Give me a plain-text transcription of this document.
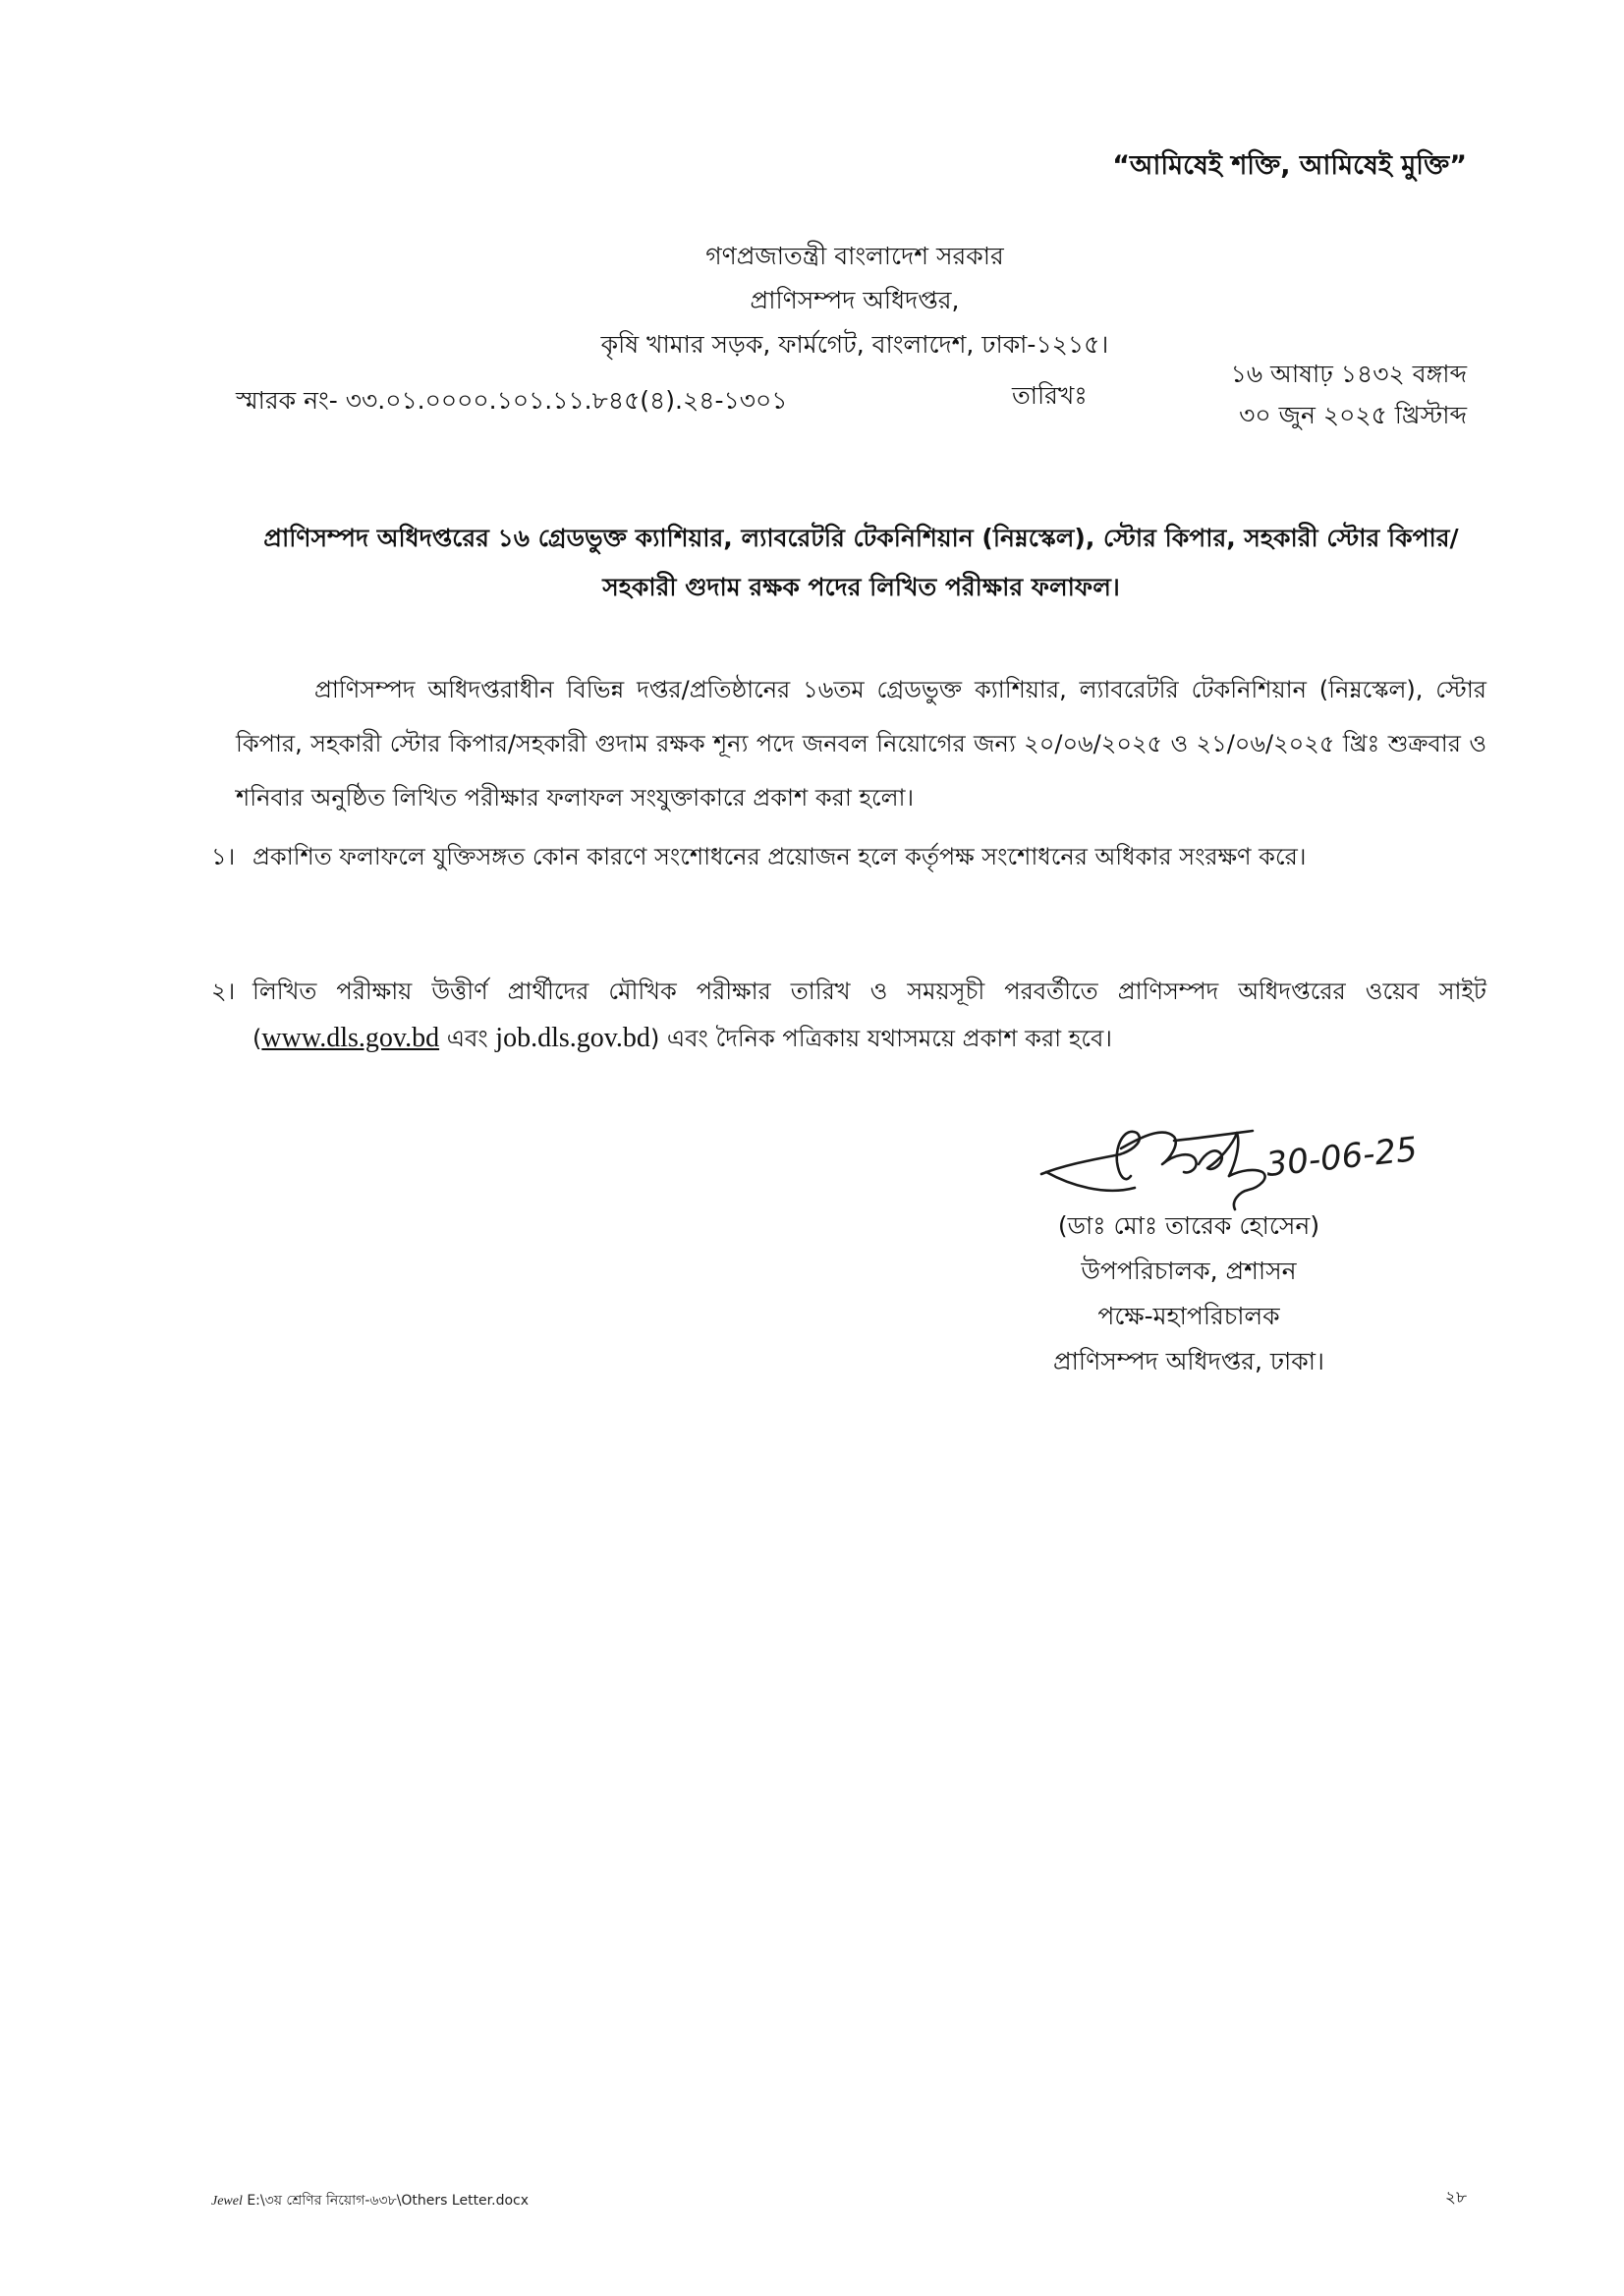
“আমিষেই শক্তি, আমিষেই মুক্তি”
গণপ্রজাতন্ত্রী বাংলাদেশ সরকার
প্রাণিসম্পদ অধিদপ্তর,
কৃষি খামার সড়ক, ফার্মগেট, বাংলাদেশ, ঢাকা-১২১৫।
স্মারক নং- ৩৩.০১.০০০০.১০১.১১.৮৪৫(৪).২৪-১৩০১	তারিখঃ
১৬ আষাঢ় ১৪৩২ বঙ্গাব্দ
৩০ জুন ২০২৫ খ্রিস্টাব্দ
প্রাণিসম্পদ অধিদপ্তরের ১৬ গ্রেডভুক্ত ক্যাশিয়ার, ল্যাবরেটরি টেকনিশিয়ান (নিম্নস্কেল), স্টোর কিপার, সহকারী স্টোর কিপার/সহকারী গুদাম রক্ষক পদের লিখিত পরীক্ষার ফলাফল।
প্রাণিসম্পদ অধিদপ্তরাধীন বিভিন্ন দপ্তর/প্রতিষ্ঠানের ১৬তম গ্রেডভুক্ত ক্যাশিয়ার, ল্যাবরেটরি টেকনিশিয়ান (নিম্নস্কেল), স্টোর কিপার, সহকারী স্টোর কিপার/সহকারী গুদাম রক্ষক শূন্য পদে জনবল নিয়োগের জন্য ২০/০৬/২০২৫ ও ২১/০৬/২০২৫ খ্রিঃ শুক্রবার ও শনিবার অনুষ্ঠিত লিখিত পরীক্ষার ফলাফল সংযুক্তাকারে প্রকাশ করা হলো।
১। প্রকাশিত ফলাফলে যুক্তিসঙ্গত কোন কারণে সংশোধনের প্রয়োজন হলে কর্তৃপক্ষ সংশোধনের অধিকার সংরক্ষণ করে।
২। লিখিত পরীক্ষায় উত্তীর্ণ প্রার্থীদের মৌখিক পরীক্ষার তারিখ ও সময়সূচী পরবর্তীতে প্রাণিসম্পদ অধিদপ্তরের ওয়েব সাইট (www.dls.gov.bd এবং job.dls.gov.bd) এবং দৈনিক পত্রিকায় যথাসময়ে প্রকাশ করা হবে।
30-06-25
(ডাঃ মোঃ তারেক হোসেন)
উপপরিচালক, প্রশাসন
পক্ষে-মহাপরিচালক
প্রাণিসম্পদ অধিদপ্তর, ঢাকা।
Jewel E:\৩য় শ্রেণির নিয়োগ-৬৩৮\Others Letter.docx	২৮
